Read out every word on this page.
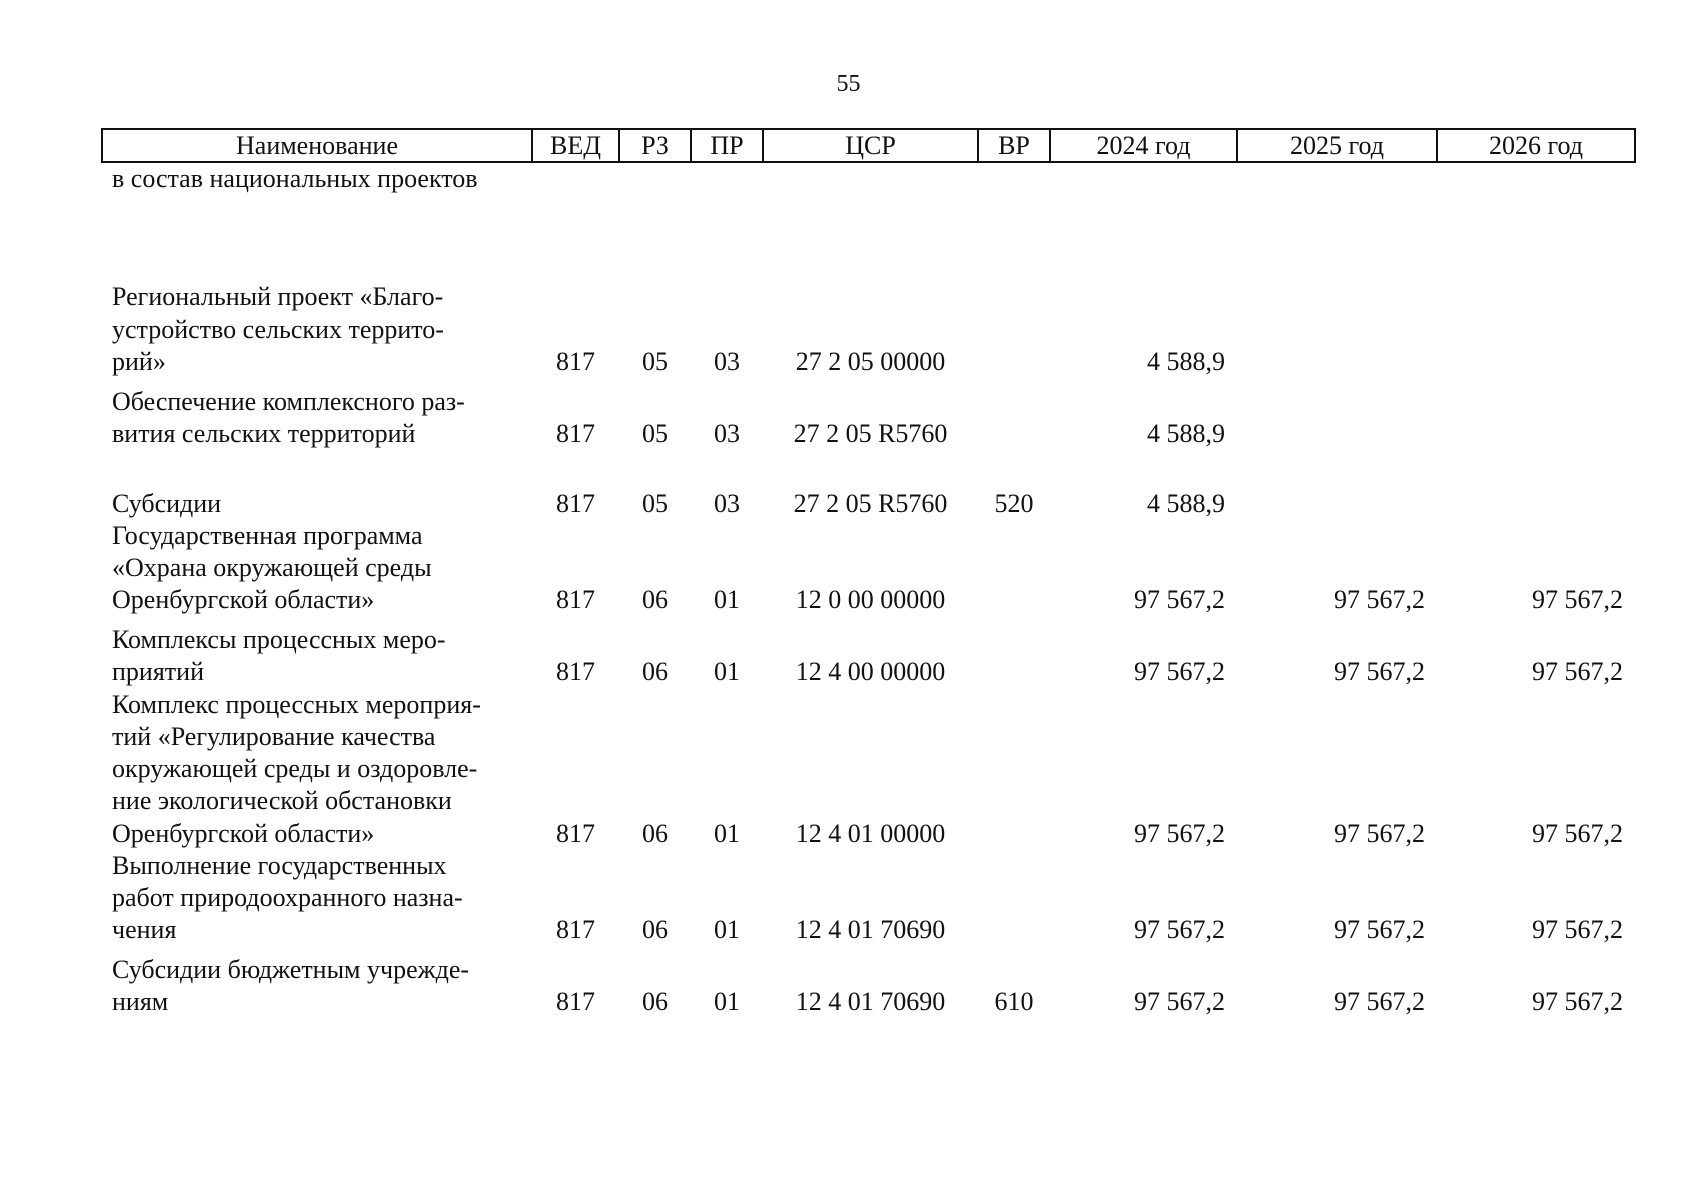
55
Наименование	ВЕД	РЗ	ПР	ЦСР	ВР	2024 год	2025 год	2026 год

в состав национальных проектов								

Региональный проект «Благо-
устройство сельских террито-
рий»	817	05	03	27 2 05 00000		4 588,9		

Обеспечение комплексного раз-
вития сельских территорий	817	05	03	27 2 05 R5760		4 588,9		

Субсидии	817	05	03	27 2 05 R5760	520	4 588,9		

Государственная программа
«Охрана окружающей среды
Оренбургской области»	817	06	01	12 0 00 00000		97 567,2	97 567,2	97 567,2

Комплексы процессных меро-
приятий	817	06	01	12 4 00 00000		97 567,2	97 567,2	97 567,2

Комплекс процессных мероприя-
тий «Регулирование качества
окружающей среды и оздоровле-
ние экологической обстановки
Оренбургской области»	817	06	01	12 4 01 00000		97 567,2	97 567,2	97 567,2

Выполнение государственных
работ природоохранного назна-
чения	817	06	01	12 4 01 70690		97 567,2	97 567,2	97 567,2

Субсидии бюджетным учрежде-
ниям	817	06	01	12 4 01 70690	610	97 567,2	97 567,2	97 567,2
